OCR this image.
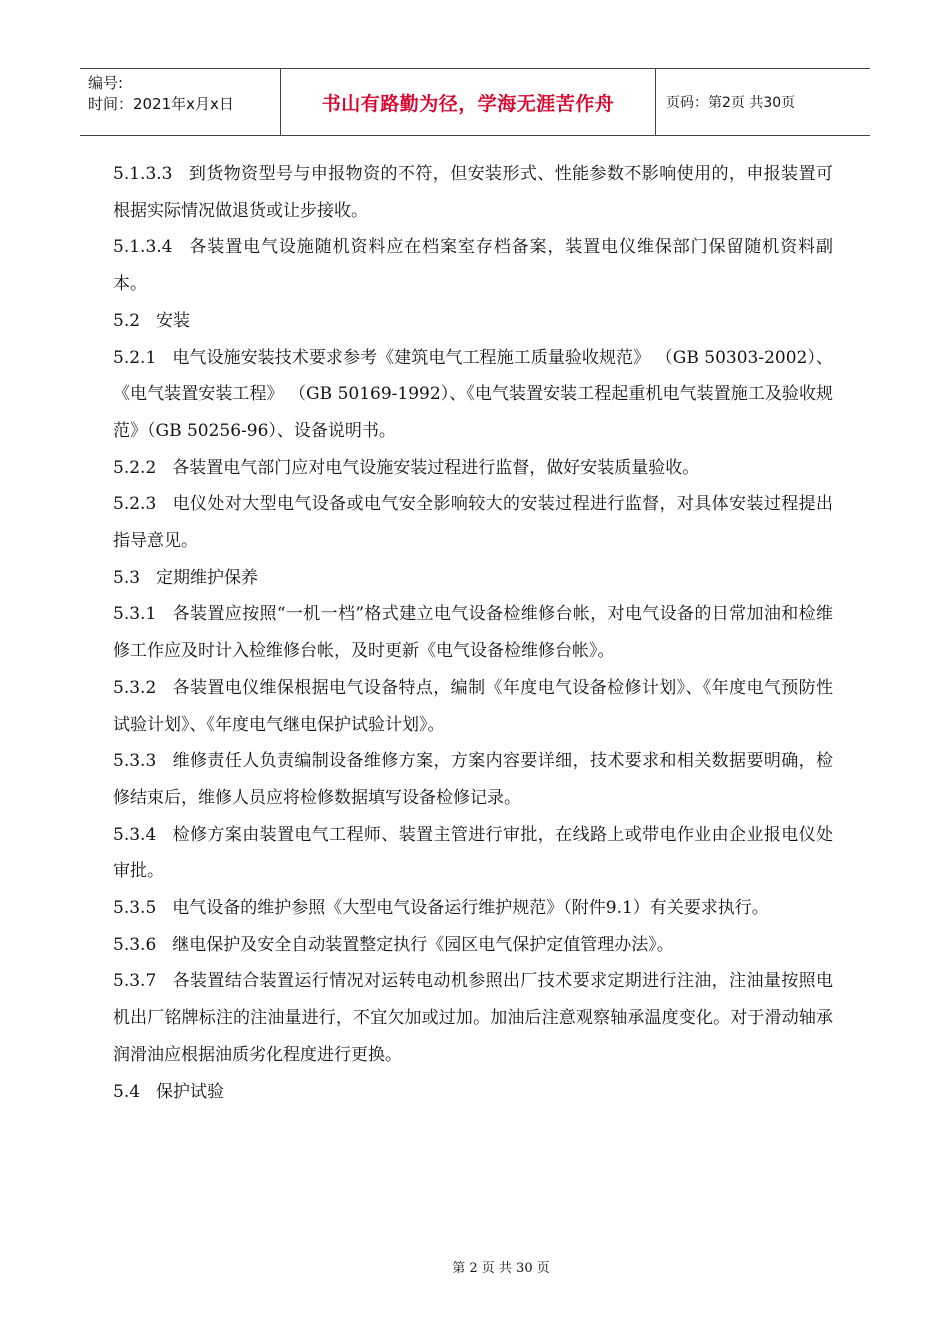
编号:
时间：2021年x月x日	书山有路勤为径，学海无涯苦作舟	页码：第2页 共30页

5.1.3.3 到货物资型号与申报物资的不符，但安装形式、性能参数不影响使用的，申报装置可根据实际情况做退货或让步接收。

5.1.3.4 各装置电气设施随机资料应在档案室存档备案，装置电仪维保部门保留随机资料副本。

5.2 安装

5.2.1 电气设施安装技术要求参考《建筑电气工程施工质量验收规范》 （GB 50303-2002）、《电气装置安装工程》 （GB 50169-1992）、《电气装置安装工程起重机电气装置施工及验收规范》（GB 50256-96）、设备说明书。

5.2.2 各装置电气部门应对电气设施安装过程进行监督，做好安装质量验收。

5.2.3 电仪处对大型电气设备或电气安全影响较大的安装过程进行监督，对具体安装过程提出指导意见。

5.3 定期维护保养

5.3.1 各装置应按照“一机一档”格式建立电气设备检维修台帐，对电气设备的日常加油和检维修工作应及时计入检维修台帐，及时更新《电气设备检维修台帐》。

5.3.2 各装置电仪维保根据电气设备特点，编制《年度电气设备检修计划》、《年度电气预防性试验计划》、《年度电气继电保护试验计划》。

5.3.3 维修责任人负责编制设备维修方案，方案内容要详细，技术要求和相关数据要明确，检修结束后，维修人员应将检修数据填写设备检修记录。

5.3.4 检修方案由装置电气工程师、装置主管进行审批，在线路上或带电作业由企业报电仪处审批。

5.3.5 电气设备的维护参照《大型电气设备运行维护规范》（附件9.1）有关要求执行。

5.3.6 继电保护及安全自动装置整定执行《园区电气保护定值管理办法》。

5.3.7 各装置结合装置运行情况对运转电动机参照出厂技术要求定期进行注油，注油量按照电机出厂铭牌标注的注油量进行，不宜欠加或过加。加油后注意观察轴承温度变化。对于滑动轴承润滑油应根据油质劣化程度进行更换。

5.4 保护试验

第 2 页 共 30 页
